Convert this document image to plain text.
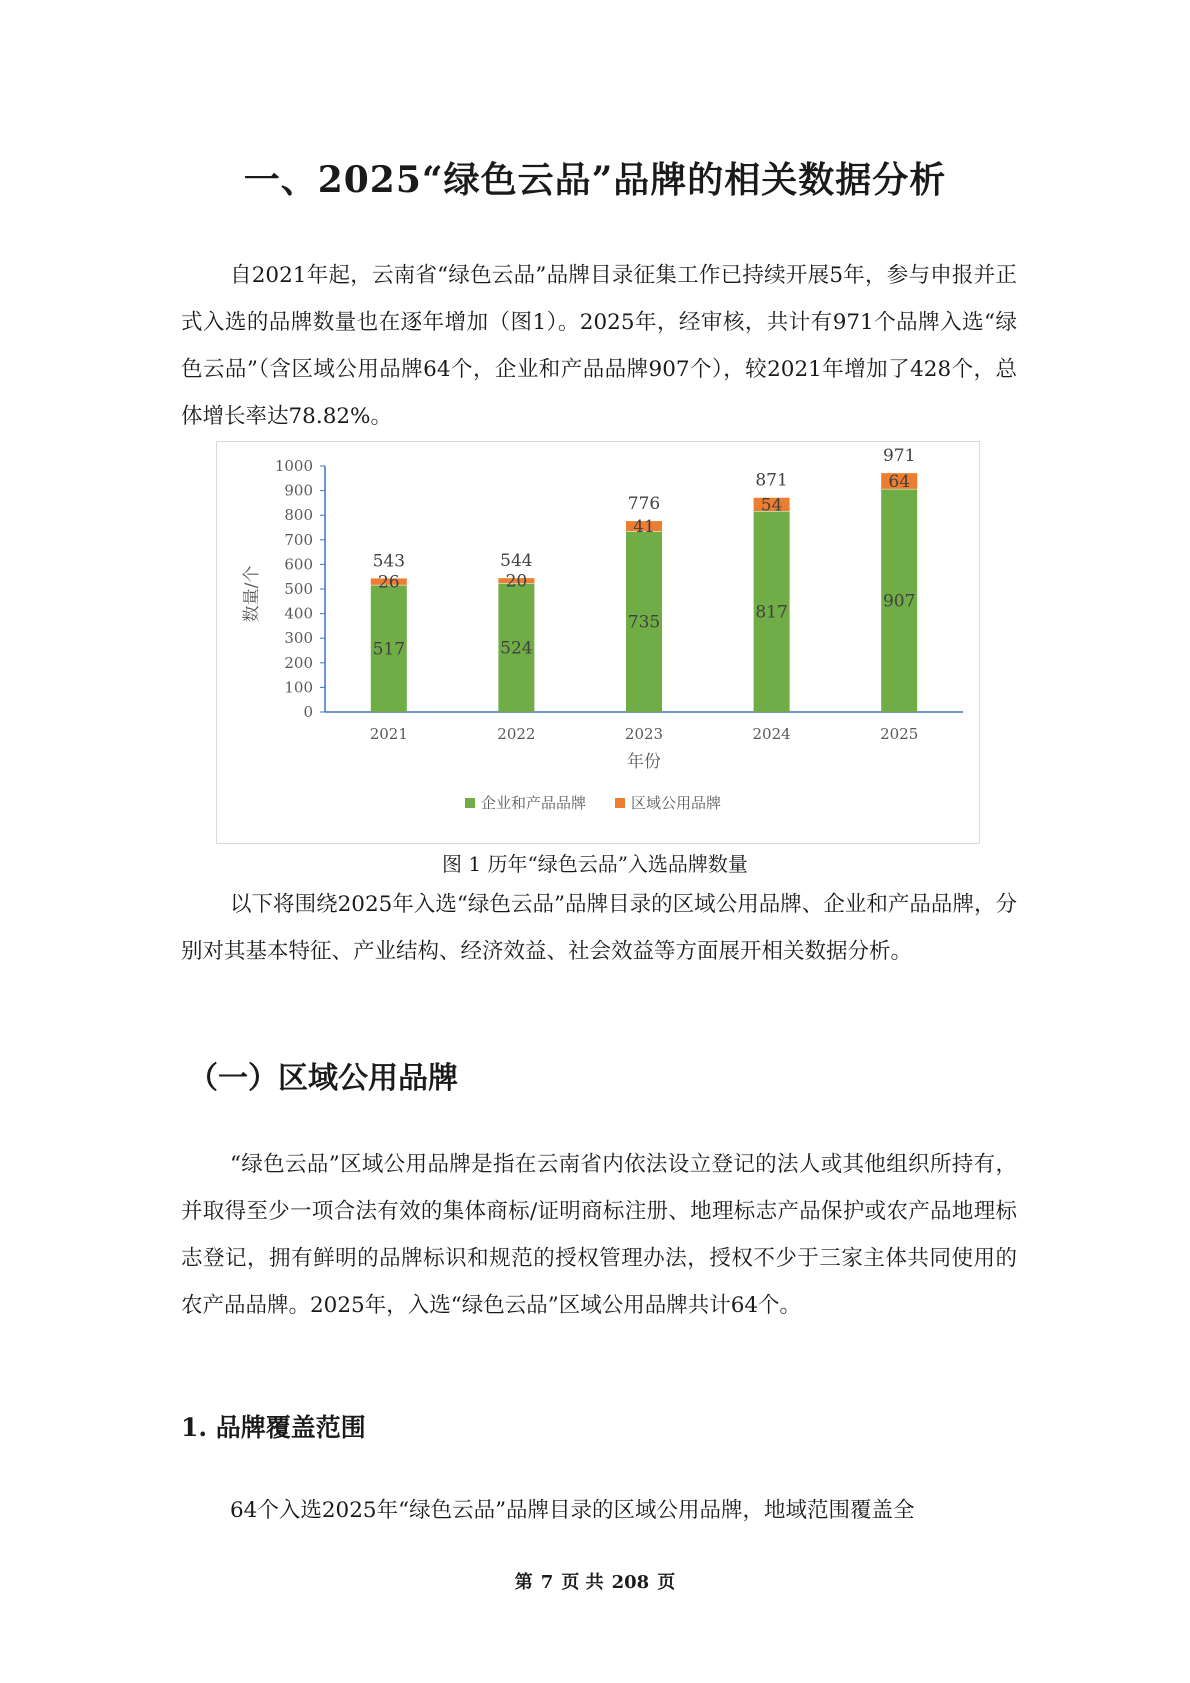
一、2025“绿色云品”品牌的相关数据分析

自2021年起，云南省“绿色云品”品牌目录征集工作已持续开展5年，参与申报并正式入选的品牌数量也在逐年增加（图1）。2025年，经审核，共计有971个品牌入选“绿色云品”（含区域公用品牌64个，企业和产品品牌907个），较2021年增加了428个，总体增长率达78.82%。

0
100
200
300
400
500
600
700
800
900
1000
517
26
543
2021
524
20
544
2022
735
41
776
2023
817
54
871
2024
907
64
971
2025
年份
数量/个
企业和产品品牌	区域公用品牌

图 1 历年“绿色云品”入选品牌数量

以下将围绕2025年入选“绿色云品”品牌目录的区域公用品牌、企业和产品品牌，分别对其基本特征、产业结构、经济效益、社会效益等方面展开相关数据分析。

（一）区域公用品牌

“绿色云品”区域公用品牌是指在云南省内依法设立登记的法人或其他组织所持有，并取得至少一项合法有效的集体商标/证明商标注册、地理标志产品保护或农产品地理标志登记，拥有鲜明的品牌标识和规范的授权管理办法，授权不少于三家主体共同使用的农产品品牌。2025年，入选“绿色云品”区域公用品牌共计64个。

1. 品牌覆盖范围

64个入选2025年“绿色云品”品牌目录的区域公用品牌，地域范围覆盖全

第 7 页 共 208 页
